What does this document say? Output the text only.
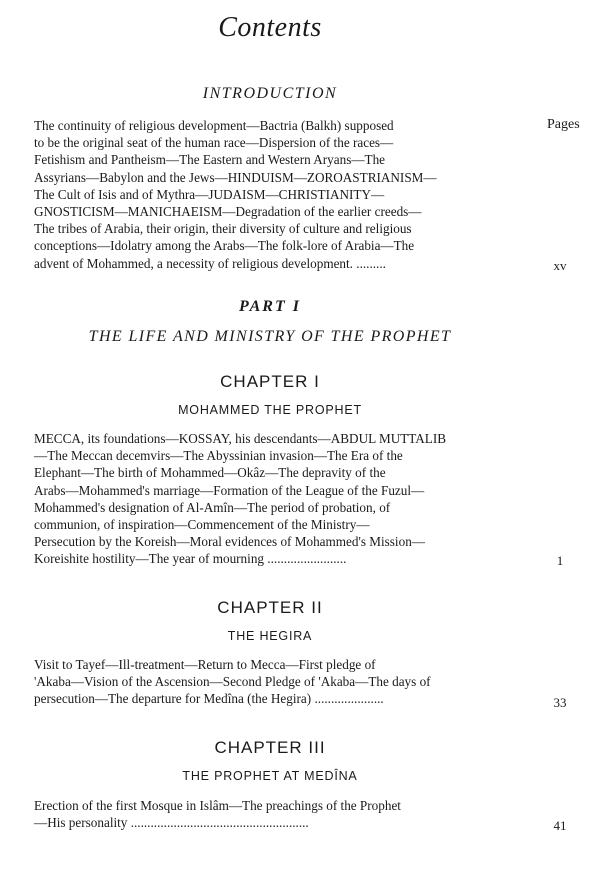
Contents
INTRODUCTION
Pages
The continuity of religious development—Bactria (Balkh) supposed
to be the original seat of the human race—Dispersion of the races—
Fetishism and Pantheism—The Eastern and Western Aryans—The
Assyrians—Babylon and the Jews—HINDUISM—ZOROASTRIANISM—
The Cult of Isis and of Mythra—JUDAISM—CHRISTIANITY—
GNOSTICISM—MANICHAEISM—Degradation of the earlier creeds—
The tribes of Arabia, their origin, their diversity of culture and religious
conceptions—Idolatry among the Arabs—The folk-lore of Arabia—The
advent of Mohammed, a necessity of religious development. .........	xv
PART I
THE LIFE AND MINISTRY OF THE PROPHET
CHAPTER I
MOHAMMED THE PROPHET
MECCA, its foundations—KOSSAY, his descendants—ABDUL MUTTALIB
—The Meccan decemvirs—The Abyssinian invasion—The Era of the
Elephant—The birth of Mohammed—Okâz—The depravity of the
Arabs—Mohammed's marriage—Formation of the League of the Fuzul—
Mohammed's designation of Al-Amîn—The period of probation, of
communion, of inspiration—Commencement of the Ministry—
Persecution by the Koreish—Moral evidences of Mohammed's Mission—
Koreishite hostility—The year of mourning ........................	1
CHAPTER II
THE HEGIRA
Visit to Tayef—Ill-treatment—Return to Mecca—First pledge of
'Akaba—Vision of the Ascension—Second Pledge of 'Akaba—The days of
persecution—The departure for Medîna (the Hegira) .....................	33
CHAPTER III
THE PROPHET AT MEDÎNA
Erection of the first Mosque in Islâm—The preachings of the Prophet
—His personality ......................................................	41
